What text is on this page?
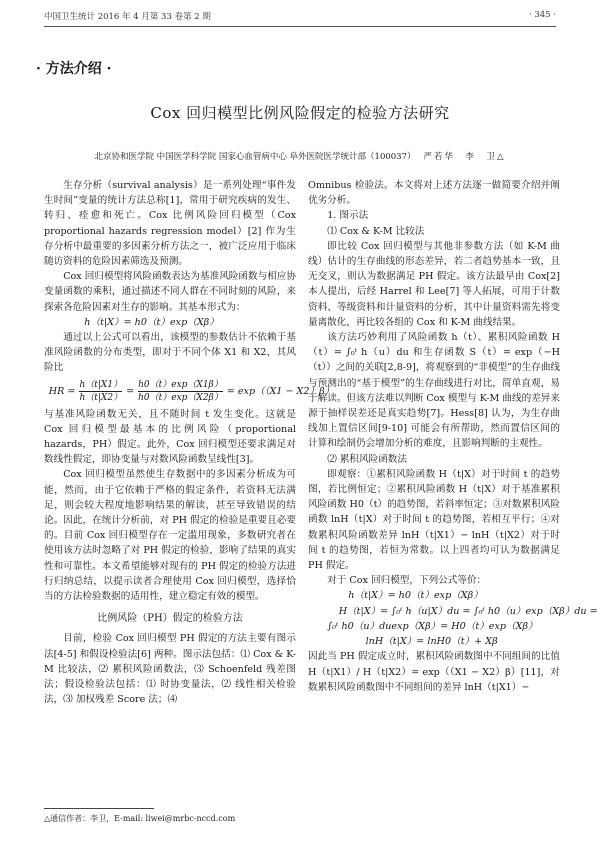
中国卫生统计 2016 年 4 月第 33 卷第 2 期	· 345 ·
· 方法介绍 ·
Cox 回归模型比例风险假定的检验方法研究
北京协和医学院 中国医学科学院 国家心血管病中心 阜外医院医学统计部（100037） 严若华　李　卫△

生存分析（survival analysis）是一系列处理“事件发生时间”变量的统计方法总称[1]，常用于研究疾病的发生、转归、痊愈和死亡。Cox 比例风险回归模型（Cox proportional hazards regression model）[2] 作为生存分析中最重要的多因素分析方法之一，被广泛应用于临床随访资料的危险因素筛选及预测。

Cox 回归模型将风险函数表达为基准风险函数与相应协变量函数的乘积，通过描述不同人群在不同时刻的风险，来探索各危险因素对生存的影响。其基本形式为：

h（t|X）= h0（t）exp（Xβ）

通过以上公式可以看出，该模型的参数估计不依赖于基准风险函数的分布类型，即对于不同个体 X1 和 X2，其风险比

HR = $\frac{h(t|X1)}{h(t|X2)} = \frac{h0(t)\exp(X1\beta)}{h0(t)\exp(X2\beta)} = \exp((X1 - X2)\beta)$

与基准风险函数无关，且不随时间 t 发生变化。这就是 Cox 回归模型最基本的比例风险（proportional hazards，PH）假定。此外，Cox 回归模型还要求满足对数线性假定，即协变量与对数风险函数呈线性[3]。

Cox 回归模型虽然使生存数据中的多因素分析成为可能，然而，由于它依赖于严格的假定条件，若资料无法满足，则会较大程度地影响结果的解读，甚至导致错误的结论。因此，在统计分析前，对 PH 假定的检验是重要且必要的。目前 Cox 回归模型存在一定滥用现象，多数研究者在使用该方法时忽略了对 PH 假定的检验，影响了结果的真实性和可靠性。本文希望能够对现有的 PH 假定的检验方法进行归纳总结，以提示读者合理使用 Cox 回归模型，选择恰当的方法检验数据的适用性，建立稳定有效的模型。

比例风险（PH）假定的检验方法

目前，检验 Cox 回归模型 PH 假定的方法主要有图示法[4-5] 和假设检验法[6] 两种。图示法包括：⑴ Cox & K-M 比较法，⑵ 累积风险函数法，⑶ Schoenfeld 残差图法；假设检验法包括：⑴ 时协变量法，⑵ 线性相关检验法，⑶ 加权残差 Score 法；⑷

Omnibus 检验法。本文将对上述方法逐一做简要介绍并阐优劣分析。

1. 图示法

⑴ Cox & K-M 比较法

即比较 Cox 回归模型与其他非参数方法（如 K-M 曲线）估计的生存曲线的形态差异，若二者趋势基本一致，且无交叉，则认为数据满足 PH 假定。该方法最早由 Cox[2] 本人提出，后经 Harrel 和 Lee[7] 等人拓展，可用于计数资料、等级资料和计量资料的分析，其中计量资料需先将变量离散化，再比较各组的 Cox 和 K-M 曲线结果。

该方法巧妙利用了风险函数 h（t）、累积风险函数 H（t）= ∫₀ᵗ h（u）du 和生存函数 S（t）= exp（−H（t））之间的关联[2,8-9]，将观察到的“非模型”的生存曲线与预测出的“基于模型”的生存曲线进行对比，简单直观，易于解读。但该方法难以判断 Cox 模型与 K-M 曲线的差异来源于抽样误差还是真实趋势[7]。Hess[8] 认为，为生存曲线加上置信区间[9-10] 可能会有所帮助，然而置信区间的计算和绘制仍会增加分析的难度，且影响判断的主观性。

⑵ 累积风险函数法

即观察：①累积风险函数 H（t|X）对于时间 t 的趋势图，若比例恒定；②累积风险函数 H（t|X）对于基准累积风险函数 H0（t）的趋势图，若斜率恒定；③对数累积风险函数 lnH（t|X）对于时间 t 的趋势图，若相互平行；④对数累积风险函数差异 lnH（t|X1）− lnH（t|X2）对于时间 t 的趋势图，若恒为常数。以上四者均可认为数据满足 PH 假定。

对于 Cox 回归模型，下列公式等价：

h（t|X）= h0（t）exp（Xβ）

H（t|X）= ∫₀ᵗ h（u|X）du = ∫₀ᵗ h0（u）exp（Xβ）du =

∫₀ᵗ h0（u）duexp（Xβ）= H0（t）exp（Xβ）

lnH（t|X）= lnH0（t）+ Xβ

因此当 PH 假定成立时，累积风险函数图中不同组间的比值 H（t|X1）/ H（t|X2）= exp（（X1 − X2）β）[11]，对数累积风险函数图中不同组间的差异 lnH（t|X1）−

△通信作者：李卫，E-mail: liwei@mrbc-nccd.com
